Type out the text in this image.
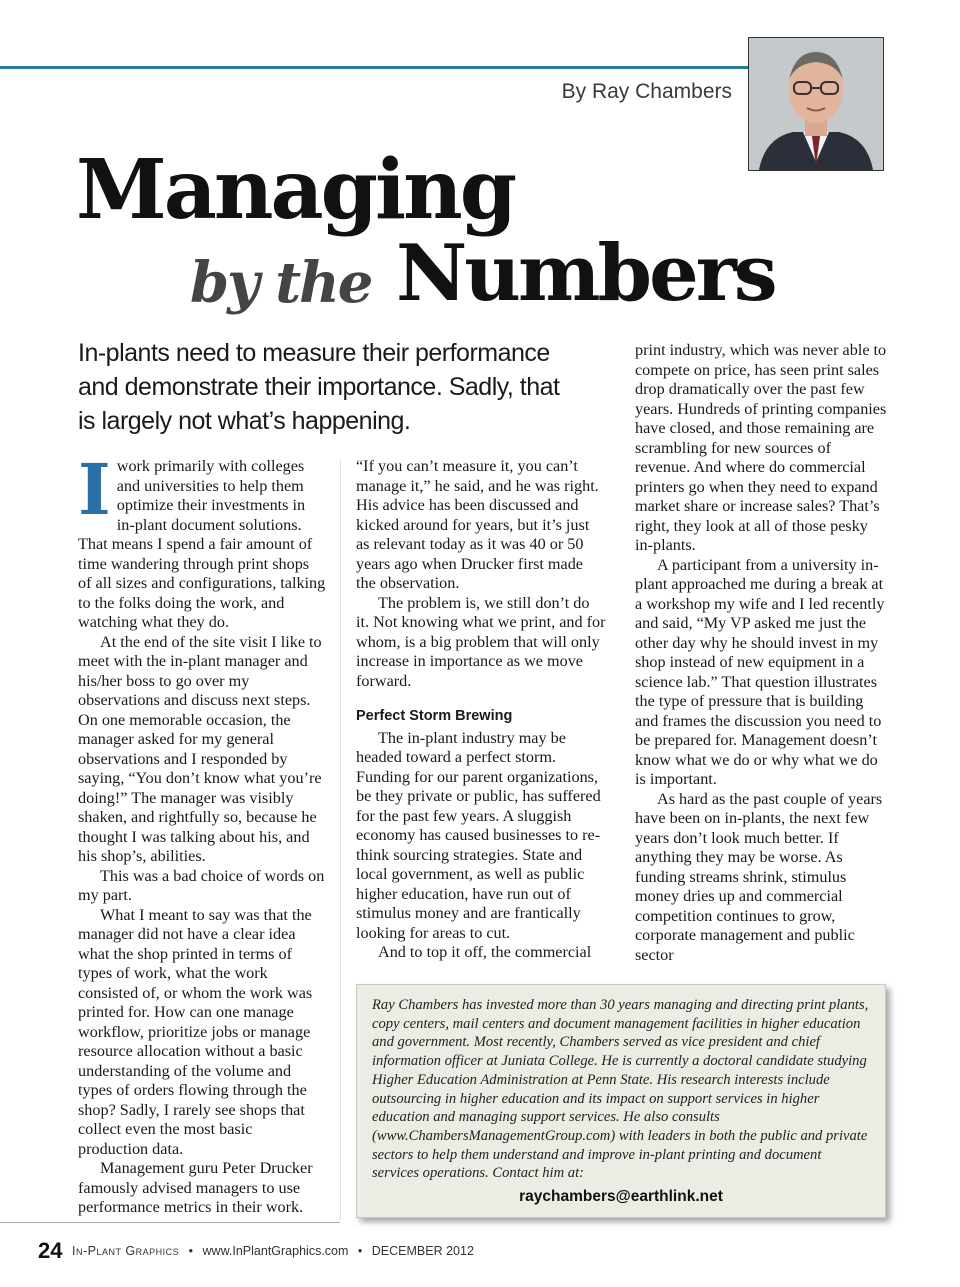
By Ray Chambers
Managing
by the Numbers
In-plants need to measure their performance and demonstrate their importance. Sadly, that is largely not what’s happening.

Iwork primarily with colleges and universities to help them optimize their investments in in-plant document solutions. That means I spend a fair amount of time wandering through print shops of all sizes and configurations, talking to the folks doing the work, and watching what they do.

At the end of the site visit I like to meet with the in-plant manager and his/her boss to go over my observations and discuss next steps. On one memorable occasion, the manager asked for my general observations and I responded by saying, “You don’t know what you’re doing!” The manager was visibly shaken, and rightfully so, because he thought I was talking about his, and his shop’s, abilities.

This was a bad choice of words on my part.

What I meant to say was that the manager did not have a clear idea what the shop printed in terms of types of work, what the work consisted of, or whom the work was printed for. How can one manage workflow, prioritize jobs or manage resource allocation without a basic understanding of the volume and types of orders flowing through the shop? Sadly, I rarely see shops that collect even the most basic production data.

Management guru Peter Drucker famously advised managers to use performance metrics in their work.

“If you can’t measure it, you can’t manage it,” he said, and he was right. His advice has been discussed and kicked around for years, but it’s just as relevant today as it was 40 or 50 years ago when Drucker first made the observation.

The problem is, we still don’t do it. Not knowing what we print, and for whom, is a big problem that will only increase in importance as we move forward.

Perfect Storm Brewing

The in-plant industry may be headed toward a perfect storm. Funding for our parent organizations, be they private or public, has suffered for the past few years. A sluggish economy has caused businesses to re-think sourcing strategies. State and local government, as well as public higher education, have run out of stimulus money and are frantically looking for areas to cut.

And to top it off, the commercial

print industry, which was never able to compete on price, has seen print sales drop dramatically over the past few years. Hundreds of printing companies have closed, and those remaining are scrambling for new sources of revenue. And where do commercial printers go when they need to expand market share or increase sales? That’s right, they look at all of those pesky in-plants.

A participant from a university in-plant approached me during a break at a workshop my wife and I led recently and said, “My VP asked me just the other day why he should invest in my shop instead of new equipment in a science lab.” That question illustrates the type of pressure that is building and frames the discussion you need to be prepared for. Management doesn’t know what we do or why what we do is important.

As hard as the past couple of years have been on in-plants, the next few years don’t look much better. If anything they may be worse. As funding streams shrink, stimulus money dries up and commercial competition continues to grow, corporate management and public sector

Ray Chambers has invested more than 30 years managing and directing print plants, copy centers, mail centers and document management facilities in higher education and government. Most recently, Chambers served as vice president and chief information officer at Juniata College. He is currently a doctoral candidate studying Higher Education Administration at Penn State. His research interests include outsourcing in higher education and its impact on support services in higher education and managing support services. He also consults (www.ChambersManagementGroup.com) with leaders in both the public and private sectors to help them understand and improve in-plant printing and document services operations. Contact him at:
raychambers@earthlink.net
24 In-Plant Graphics • www.InPlantGraphics.com • DECEMBER 2012
